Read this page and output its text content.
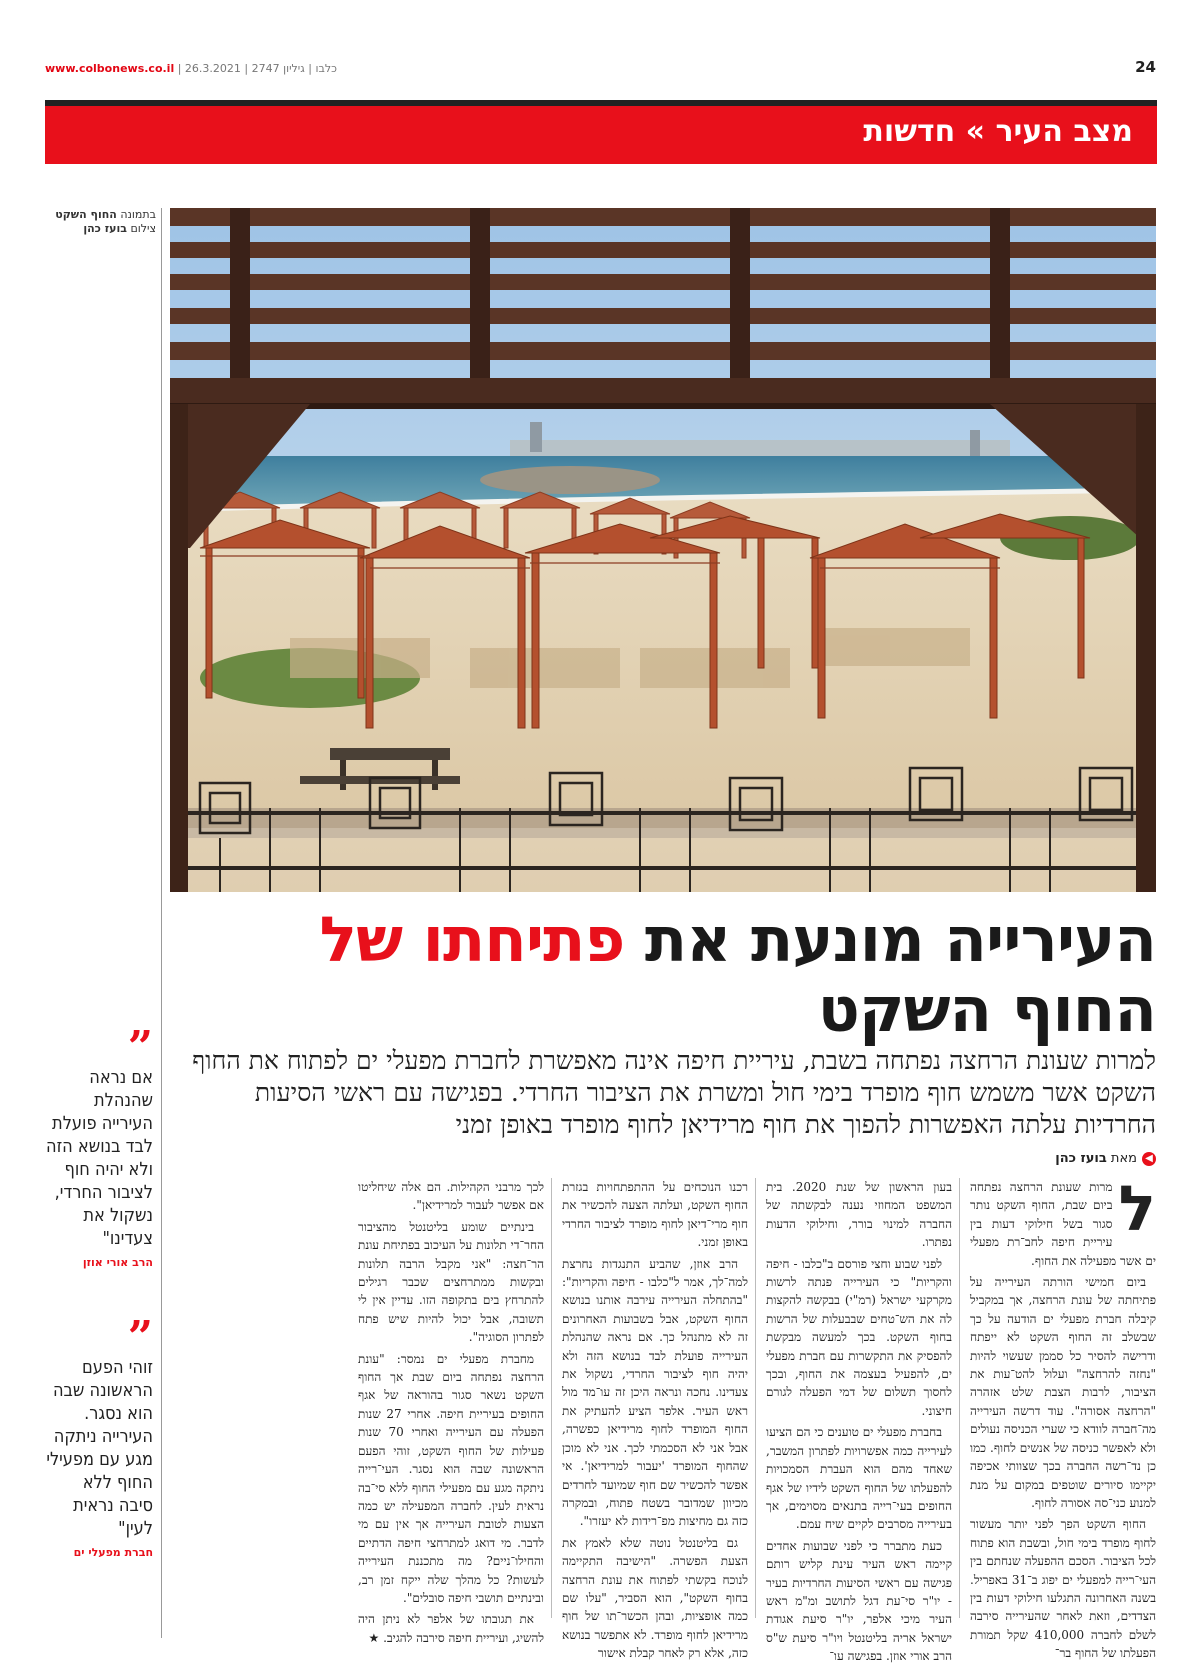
www.colbonews.co.il | כלבו | גיליון 2747 | 26.3.2021	24
מצב העיר » חדשות
בתמונה החוף השקט
צילום בועז כהן
העירייה מונעת את פתיחתו של
החוף השקט
למרות שעונת הרחצה נפתחה בשבת, עיריית חיפה אינה מאפשרת לחברת מפעלי ים לפתוח את החוף השקט אשר משמש חוף מופרד בימי חול ומשרת את הציבור החרדי. בפגישה עם ראשי הסיעות החרדיות עלתה האפשרות להפוך את חוף מרידיאן לחוף מופרד באופן זמני
◀מאת בועז כהן
ל

מרות שעונת הרחצה נפתחה ביום שבת, החוף השקט נותר סגור בשל חילוקי דעות בין עיריית חיפה לחב־רת מפעלי ים אשר מפעילה את החוף.

ביום חמישי הורתה העירייה על פתיחתה של עונת הרחצה, אך במקביל קיבלה חברת מפעלי ים הודעה על כך שבשלב זה החוף השקט לא ייפתח ודרישה להסיר כל סממן שעשוי להיות "נחזה להרחצה" ועלול להט־עות את הציבור, לרבות הצבת שלט אזהרה "הרחצה אסורה". עוד דרשה העירייה מה־חברה לוודא כי שערי הכניסה נעולים ולא לאפשר כניסה של אנשים לחוף. כמו כן נד־רשה החברה בכך שצוותי אכיפה יקיימו סיורים שוטפים במקום על מנת למנוע כני־סה אסורה לחוף.

החוף השקט הפך לפני יותר מעשור לחוף מופרד בימי חול, ובשבת הוא פתוח לכל הציבור. הסכם ההפעלה שנחתם בין העי־רייה למפעלי ים יפוג ב־31 באפריל. בשנה האחרונה התגלעו חילוקי דעות בין הצדדים, וזאת לאחר שהעירייה סירבה לשלם לחברה 410,000 שקל תמורת הפעלתו של החוף בר־

בעון הראשון של שנת 2020. בית המשפט המחוזי נענה לבקשתה של החברה למינוי בורר, וחילוקי הדעות נפתרו.

לפני שבוע וחצי פורסם ב"כלבו - חיפה והקריות" כי העירייה פנתה לרשות מקרקעי ישראל (רמ"י) בבקשה להקצות לה את הש־טחים שבבעלות של הרשות בחוף השקט. בכך למעשה מבקשת להפסיק את התקשרות עם חברת מפעלי ים, להפעיל בעצמה את החוף, ובכך לחסוך תשלום של דמי הפעלה לגורם חיצוני.

בחברת מפעלי ים טוענים כי הם הציעו לעירייה כמה אפשרויות לפתרון המשבר, שאחד מהם הוא העברת הסמכויות להפעלתו של החוף השקט לידיו של אגף החופים בעי־רייה בתנאים מסוימים, אך בעירייה מסרבים לקיים שיח עמם.

כעת מתברר כי לפני שבועות אחדים קיימה ראש העיר עינת קליש רותם פגישה עם ראשי הסיעות החרדיות בעיר - יו"ר סי־עת דגל לתושב ומ"מ ראש העיר מיכי אלפר, יו"ר סיעת אגודת ישראל אריה בליטנטל ויו"ר סיעת ש"ס הרב אורי אוזן. בפגישה עו־

רכנו הנוכחים על ההתפתחויות בגזרת החוף השקט, ועלתה הצעה להכשיר את חוף מרי־דיאן לחוף מופרד לציבור החרדי באופן זמני.

הרב אוזן, שהביע התנגדות נחרצת למה־לך, אמר ל"כלבו - חיפה והקריות": "בהתחלה העירייה עירבה אותנו בנושא החוף השקט, אבל בשבועות האחרונים זה לא מתנהל כך. אם נראה שהנהלת העירייה פועלת לבד בנושא הזה ולא יהיה חוף לציבור החרדי, נשקול את צעדינו. נחכה ונראה היכן זה עו־מד מול ראש העיר. אלפר הציע להעתיק את החוף המופרד לחוף מרידיאן כפשרה, אבל אני לא הסכמתי לכך. אני לא מוכן שהחוף המופרד 'יעבור למרידיאן'. אי אפשר להכשיר שם חוף שמיועד לחרדים מכיוון שמדובר בשטח פתוח, ובמקרה כזה גם מחיצות מפ־רידות לא יעזרו".

גם בליטנטל נוטה שלא לאמץ את הצעת הפשרה. "הישיבה התקיימה לנוכח בקשתי לפתוח את עונת הרחצה בחוף השקט", הוא הסביר, "עלו שם כמה אופציות, ובהן הכשר־תו של חוף מרידיאן לחוף מופרד. לא אתפשר בנושא כזה, אלא רק לאחר קבלת אישור

לכך מרבני הקהילות. הם אלה שיחליטו אם אפשר לעבור למרידיאן".

בינתיים שומע בליטנטל מהציבור החר־די תלונות על העיכוב בפתיחת עונת הר־חצה: "אני מקבל הרבה תלונות ובקשות ממתרחצים שכבר רגילים להתרחץ בים בתקופה הזו. עדיין אין לי תשובה, אבל יכול להיות שיש פתח לפתרון הסוגיה".

מחברת מפעלי ים נמסר: "עונת הרחצה נפתחה ביום שבת אך החוף השקט נשאר סגור בהוראה של אגף החופים בעיריית חיפה. אחרי 27 שנות הפעלה עם העירייה ואחרי 70 שנות פעילות של החוף השקט, זוהי הפעם הראשונה שבה הוא נסגר. העי־רייה ניתקה מגע עם מפעילי החוף ללא סי־בה נראית לעין. לחברה המפעילה יש כמה הצעות לטובת העירייה אך אין עם מי לדבר. מי דואג למתרחצי חיפה הדתיים והחילו־ניים? מה מתכננת העירייה לעשות? כל מהלך שלה ייקח זמן רב, ובינתיים תושבי חיפה סובלים".

את תגובתו של אלפר לא ניתן היה להשיג, ועיריית חיפה סירבה להגיב. ★

”
אם נראה שהנהלת העירייה פועלת לבד בנושא הזה ולא יהיה חוף לציבור החרדי, נשקול את צעדינו"
הרב אורי אוזן
”
זוהי הפעם הראשונה שבה הוא נסגר. העירייה ניתקה מגע עם מפעילי החוף ללא סיבה נראית לעין"
חברת מפעלי ים
